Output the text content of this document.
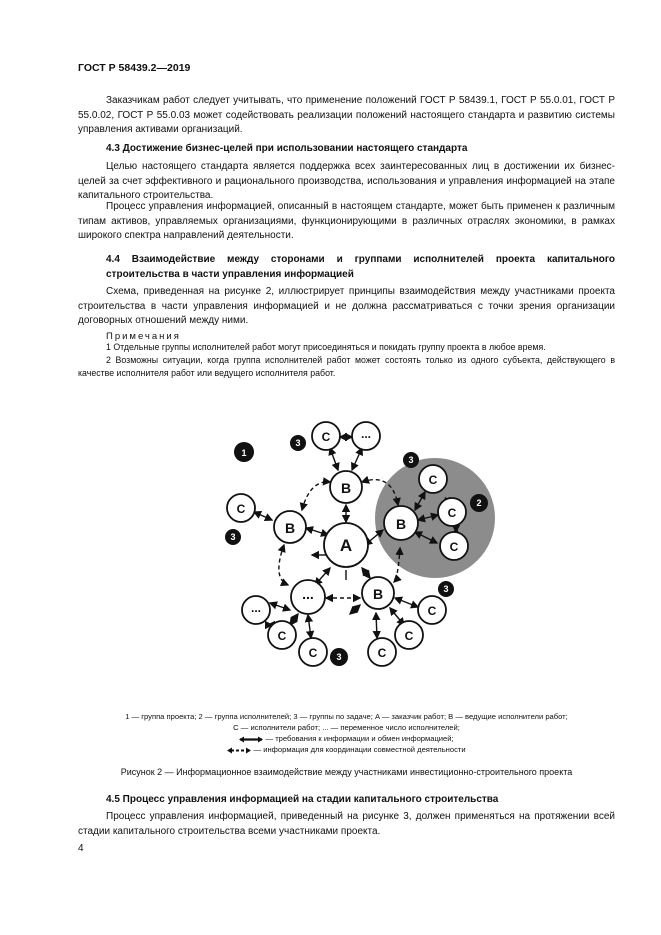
ГОСТ Р 58439.2—2019
Заказчикам работ следует учитывать, что применение положений ГОСТ Р 58439.1, ГОСТ Р 55.0.01, ГОСТ Р 55.0.02, ГОСТ Р 55.0.03 может содействовать реализации положений настоящего стандарта и развитию системы управления активами организаций.
4.3 Достижение бизнес-целей при использовании настоящего стандарта
Целью настоящего стандарта является поддержка всех заинтересованных лиц в достижении их бизнес-целей за счет эффективного и рационального производства, использования и управления информацией на этапе капитального строительства.
Процесс управления информацией, описанный в настоящем стандарте, может быть применен к различным типам активов, управляемых организациями, функционирующими в различных отраслях экономики, в рамках широкого спектра направлений деятельности.
4.4 Взаимодействие между сторонами и группами исполнителей проекта капитального строительства в части управления информацией
Схема, приведенная на рисунке 2, иллюстрирует принципы взаимодействия между участниками проекта строительства в части управления информацией и не должна рассматриваться с точки зрения организации договорных отношений между ними.
Примечания
1 Отдельные группы исполнителей работ могут присоединяться и покидать группу проекта в любое время.
2 Возможны ситуации, когда группа исполнителей работ может состоять только из одного субъекта, действующего в качестве исполнителя работ или ведущего исполнителя работ.
A
B
B	B
B
...
C	...
C
C
C
C
...
C
C	C
C
C
1
3
3
2
3
3
3
1 — группа проекта; 2 — группа исполнителей; 3 — группы по задаче; A — заказчик работ; B — ведущие исполнители работ;
C — исполнители работ; ... — переменное число исполнителей;
— требования к информации и обмен информацией;
— информация для координации совместной деятельности
Рисунок 2 — Информационное взаимодействие между участниками инвестиционно-строительного проекта
4.5 Процесс управления информацией на стадии капитального строительства
Процесс управления информацией, приведенный на рисунке 3, должен применяться на протяжении всей стадии капитального строительства всеми участниками проекта.
4
